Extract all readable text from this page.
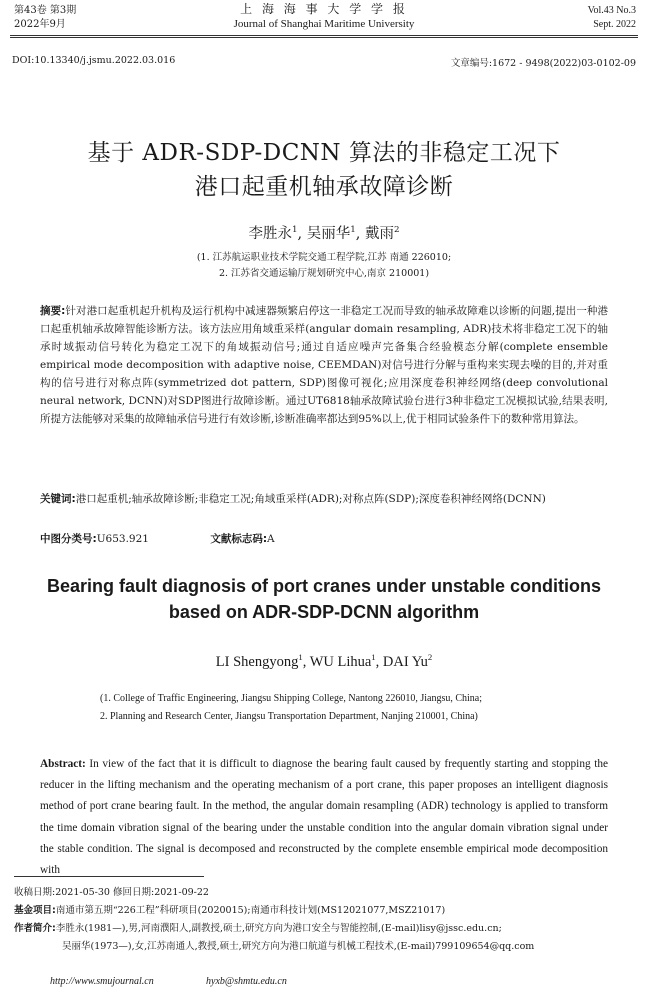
第43卷 第3期
2022年9月
上 海 海 事 大 学 学 报
Journal of Shanghai Maritime University
Vol.43 No.3
Sept. 2022
DOI:10.13340/j.jsmu.2022.03.016	文章编号:1672 - 9498(2022)03-0102-09
基于 ADR-SDP-DCNN 算法的非稳定工况下
港口起重机轴承故障诊断
李胜永$^1$, 吴丽华$^1$, 戴雨$^2$
(1. 江苏航运职业技术学院交通工程学院,江苏 南通 226010;
2. 江苏省交通运输厅规划研究中心,南京 210001)
摘要:针对港口起重机起升机构及运行机构中减速器频繁启停这一非稳定工况而导致的轴承故障难以诊断的问题,提出一种港口起重机轴承故障智能诊断方法。该方法应用角域重采样(angular domain resampling, ADR)技术将非稳定工况下的轴承时域振动信号转化为稳定工况下的角域振动信号;通过自适应噪声完备集合经验模态分解(complete ensemble empirical mode decomposition with adaptive noise, CEEMDAN)对信号进行分解与重构来实现去噪的目的,并对重构的信号进行对称点阵(symmetrized dot pattern, SDP)图像可视化;应用深度卷积神经网络(deep convolutional neural network, DCNN)对SDP图进行故障诊断。通过UT6818轴承故障试验台进行3种非稳定工况模拟试验,结果表明,所提方法能够对采集的故障轴承信号进行有效诊断,诊断准确率都达到95%以上,优于相同试验条件下的数种常用算法。
关键词:港口起重机;轴承故障诊断;非稳定工况;角域重采样(ADR);对称点阵(SDP);深度卷积神经网络(DCNN)
中图分类号:U653.921	文献标志码:A
Bearing fault diagnosis of port cranes under unstable conditions
based on ADR-SDP-DCNN algorithm
LI Shengyong$^1$, WU Lihua$^1$, DAI Yu$^2$
(1. College of Traffic Engineering, Jiangsu Shipping College, Nantong 226010, Jiangsu, China;
2. Planning and Research Center, Jiangsu Transportation Department, Nanjing 210001, China)
Abstract: In view of the fact that it is difficult to diagnose the bearing fault caused by frequently starting and stopping the reducer in the lifting mechanism and the operating mechanism of a port crane, this paper proposes an intelligent diagnosis method of port crane bearing fault. In the method, the angular domain resampling (ADR) technology is applied to transform the time domain vibration signal of the bearing under the unstable condition into the angular domain vibration signal under the stable condition. The signal is decomposed and reconstructed by the complete ensemble empirical mode decomposition with
收稿日期:2021-05-30 修回日期:2021-09-22
基金项目:南通市第五期“226工程”科研项目(2020015);南通市科技计划(MS12021077,MSZ21017)
作者简介:李胜永(1981—),男,河南濮阳人,副教授,硕士,研究方向为港口安全与智能控制,(E-mail)lisy@jssc.edu.cn;
吴丽华(1973—),女,江苏南通人,教授,硕士,研究方向为港口航道与机械工程技术,(E-mail)799109654@qq.com
http://www.smujournal.cn	hyxb@shmtu.edu.cn
